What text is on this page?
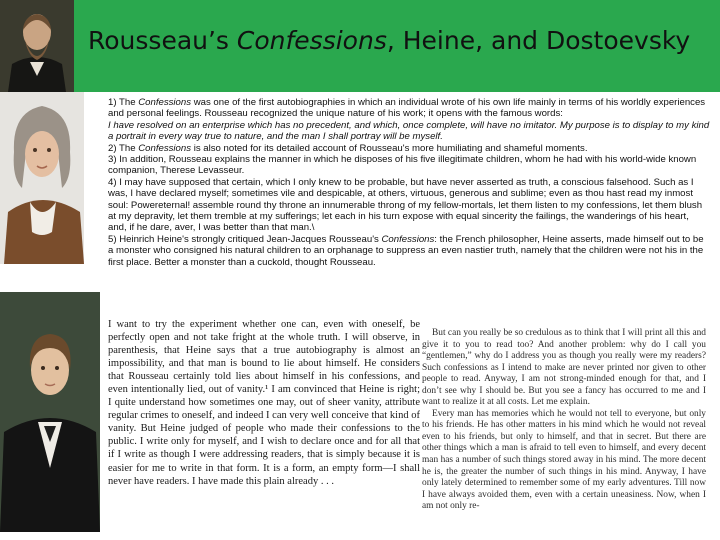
Rousseau’s Confessions, Heine, and Dostoevsky

1) The Confessions was one of the first autobiographies in which an individual wrote of his own life mainly in terms of his worldly experiences and personal feelings. Rousseau recognized the unique nature of his work; it opens with the famous words:

I have resolved on an enterprise which has no precedent, and which, once complete, will have no imitator. My purpose is to display to my kind a portrait in every way true to nature, and the man I shall portray will be myself.

2) The Confessions is also noted for its detailed account of Rousseau's more humiliating and shameful moments.

3) In addition, Rousseau explains the manner in which he disposes of his five illegitimate children, whom he had with his world-wide known companion, Therese Levasseur.

4) I may have supposed that certain, which I only knew to be probable, but have never asserted as truth, a conscious falsehood. Such as I was, I have declared myself; sometimes vile and despicable, at others, virtuous, generous and sublime; even as thou hast read my inmost soul: Powereternal! assemble round thy throne an innumerable throng of my fellow-mortals, let them listen to my confessions, let them blush at my depravity, let them tremble at my sufferings; let each in his turn expose with equal sincerity the failings, the wanderings of his heart, and, if he dare, aver, I was better than that man.\

5) Heinrich Heine's strongly critiqued Jean-Jacques Rousseau's Confessions: the French philosopher, Heine asserts, made himself out to be a monster who consigned his natural children to an orphanage to suppress an even nastier truth, namely that the children were not his in the first place. Better a monster than a cuckold, thought Rousseau.

I want to try the experiment whether one can, even with oneself, be perfectly open and not take fright at the whole truth. I will observe, in parenthesis, that Heine says that a true autobiography is almost an impossibility, and that man is bound to lie about himself. He considers that Rousseau certainly told lies about himself in his confessions, and even intentionally lied, out of vanity.¹ I am convinced that Heine is right; I quite understand how sometimes one may, out of sheer vanity, attribute regular crimes to oneself, and indeed I can very well conceive that kind of vanity. But Heine judged of people who made their confessions to the public. I write only for myself, and I wish to declare once and for all that if I write as though I were addressing readers, that is simply because it is easier for me to write in that form. It is a form, an empty form—I shall never have readers. I have made this plain already . . .

But can you really be so credulous as to think that I will print all this and give it to you to read too? And another problem: why do I call you “gentlemen,” why do I address you as though you really were my readers? Such confessions as I intend to make are never printed nor given to other people to read. Anyway, I am not strong-minded enough for that, and I don’t see why I should be. But you see a fancy has occurred to me and I want to realize it at all costs. Let me explain.

Every man has memories which he would not tell to everyone, but only to his friends. He has other matters in his mind which he would not reveal even to his friends, but only to himself, and that in secret. But there are other things which a man is afraid to tell even to himself, and every decent man has a number of such things stored away in his mind. The more decent he is, the greater the number of such things in his mind. Anyway, I have only lately determined to remember some of my early adventures. Till now I have always avoided them, even with a certain uneasiness. Now, when I am not only re-
